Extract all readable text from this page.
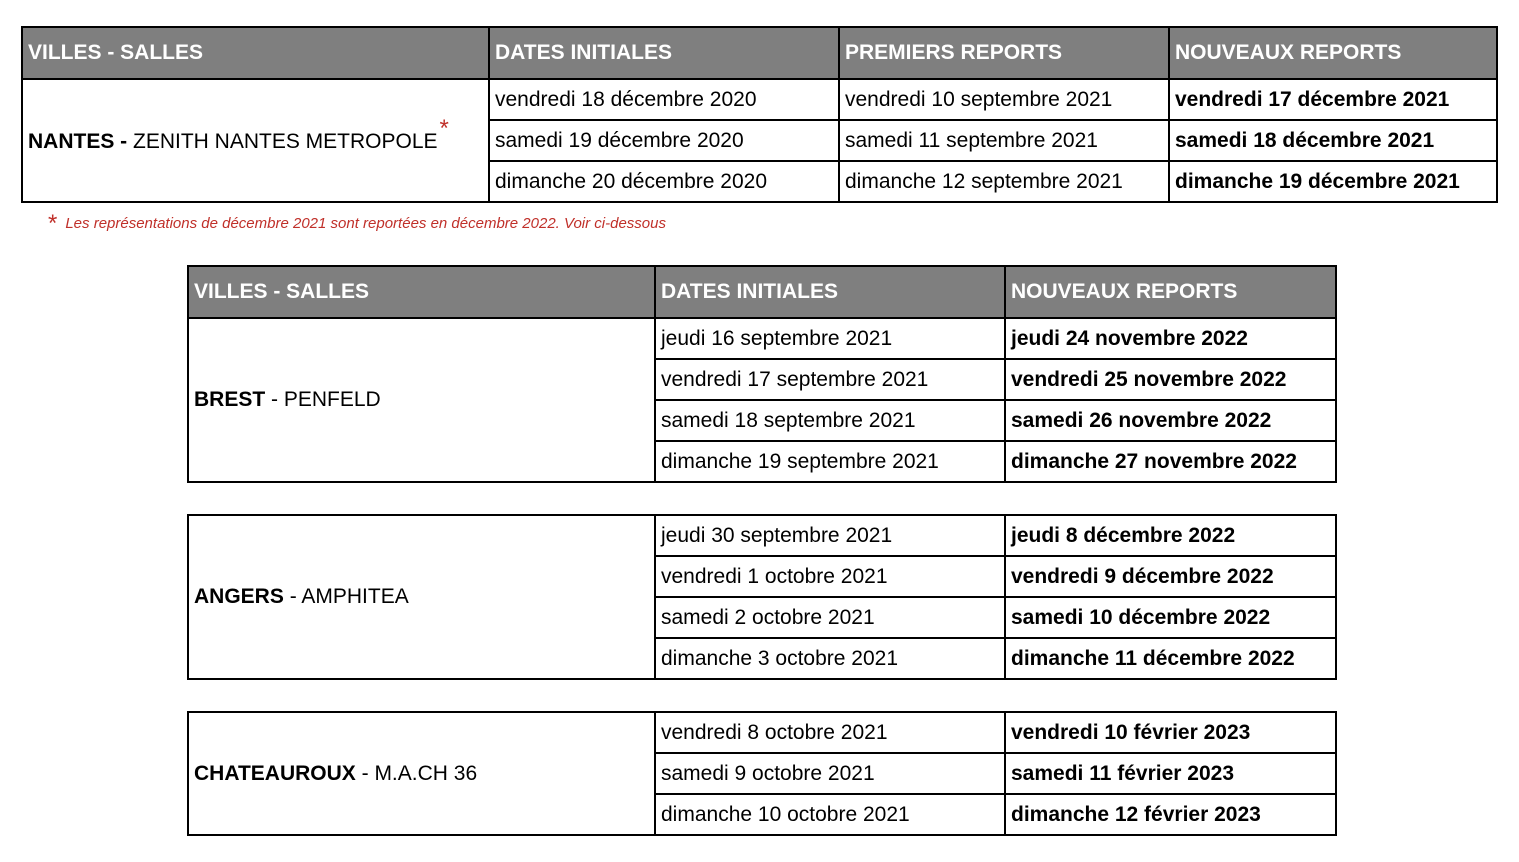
VILLES - SALLES	DATES INITIALES	PREMIERS REPORTS	NOUVEAUX REPORTS
NANTES - ZENITH NANTES METROPOLE*	vendredi 18 décembre 2020	vendredi 10 septembre 2021	vendredi 17 décembre 2021
	samedi 19 décembre 2020	samedi 11 septembre 2021	samedi 18 décembre 2021
	dimanche 20 décembre 2020	dimanche 12 septembre 2021	dimanche 19 décembre 2021
* Les représentations de décembre 2021 sont reportées en décembre 2022. Voir ci-dessous
VILLES - SALLES	DATES INITIALES	NOUVEAUX REPORTS
BREST - PENFELD	jeudi 16 septembre 2021	jeudi 24 novembre 2022
	vendredi 17 septembre 2021	vendredi 25 novembre 2022
	samedi 18 septembre 2021	samedi 26 novembre 2022
	dimanche 19 septembre 2021	dimanche 27 novembre 2022
ANGERS - AMPHITEA	jeudi 30 septembre 2021	jeudi 8 décembre 2022
	vendredi 1 octobre 2021	vendredi 9 décembre 2022
	samedi 2 octobre 2021	samedi 10 décembre 2022
	dimanche 3 octobre 2021	dimanche 11 décembre 2022
CHATEAUROUX - M.A.CH 36	vendredi 8 octobre 2021	vendredi 10 février 2023
	samedi 9 octobre 2021	samedi 11 février 2023
	dimanche 10 octobre 2021	dimanche 12 février 2023
